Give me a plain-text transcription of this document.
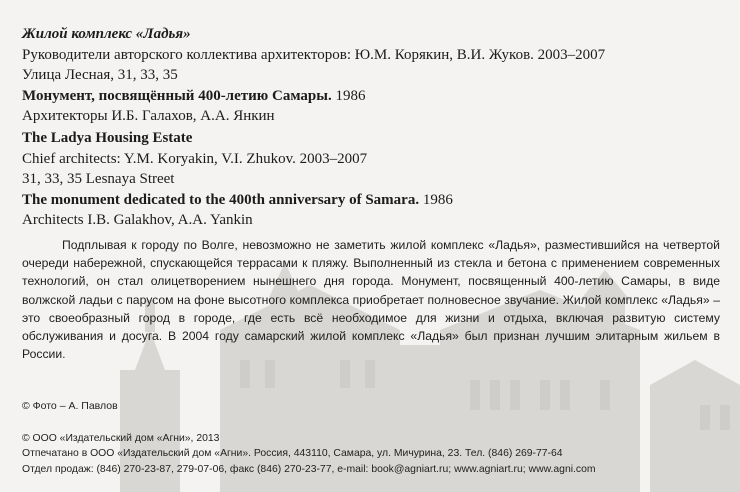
Жилой комплекс «Ладья»
Руководители авторского коллектива архитекторов: Ю.М. Корякин, В.И. Жуков. 2003–2007
Улица Лесная, 31, 33, 35
Монумент, посвящённый 400-летию Самары. 1986
Архитекторы И.Б. Галахов, А.А. Янкин
The Ladya Housing Estate
Chief architects: Y.M. Koryakin, V.I. Zhukov. 2003–2007
31, 33, 35 Lesnaya Street
The monument dedicated to the 400th anniversary of Samara. 1986
Architects I.B. Galakhov, A.A. Yankin

Подплывая к городу по Волге, невозможно не заметить жилой комплекс «Ладья», разместившийся на четвертой очереди набережной, спускающейся террасами к пляжу. Выполненный из стекла и бетона с применением современных технологий, он стал олицетворением нынешнего дня города. Монумент, посвященный 400-летию Самары, в виде волжской ладьи с парусом на фоне высотного комплекса приобретает полновесное звучание. Жилой комплекс «Ладья» – это своеобразный город в городе, где есть всё необходимое для жизни и отдыха, включая развитую систему обслуживания и досуга. В 2004 году самарский жилой комплекс «Ладья» был признан лучшим элитарным жильем в России.

© Фото – А. Павлов
© ООО «Издательский дом «Агни», 2013
Отпечатано в ООО «Издательский дом «Агни». Россия, 443110, Самара, ул. Мичурина, 23. Тел. (846) 269-77-64
Отдел продаж: (846) 270-23-87, 279-07-06, факс (846) 270-23-77, e-mail: book@agniart.ru; www.agniart.ru; www.agni.com
